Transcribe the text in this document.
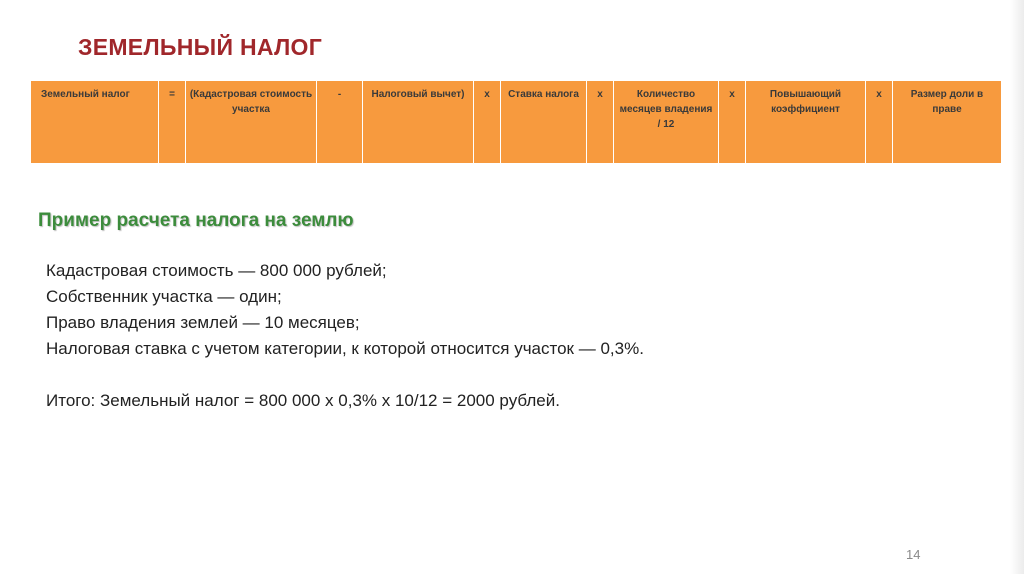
ЗЕМЕЛЬНЫЙ НАЛОГ
Земельный налог	=	(Кадастровая стоимость участка	-	Налоговый вычет)	х	Ставка налога	х	Количество месяцев владения / 12	х	Повышающий коэффициент	х	Размер доли в праве
Пример расчета налога на землю
Кадастровая стоимость — 800 000 рублей;
Собственник участка — один;
Право владения землей — 10 месяцев;
Налоговая ставка с учетом категории, к которой относится участок — 0,3%.
Итого: Земельный налог = 800 000 х 0,3% х 10/12 = 2000 рублей.
14
